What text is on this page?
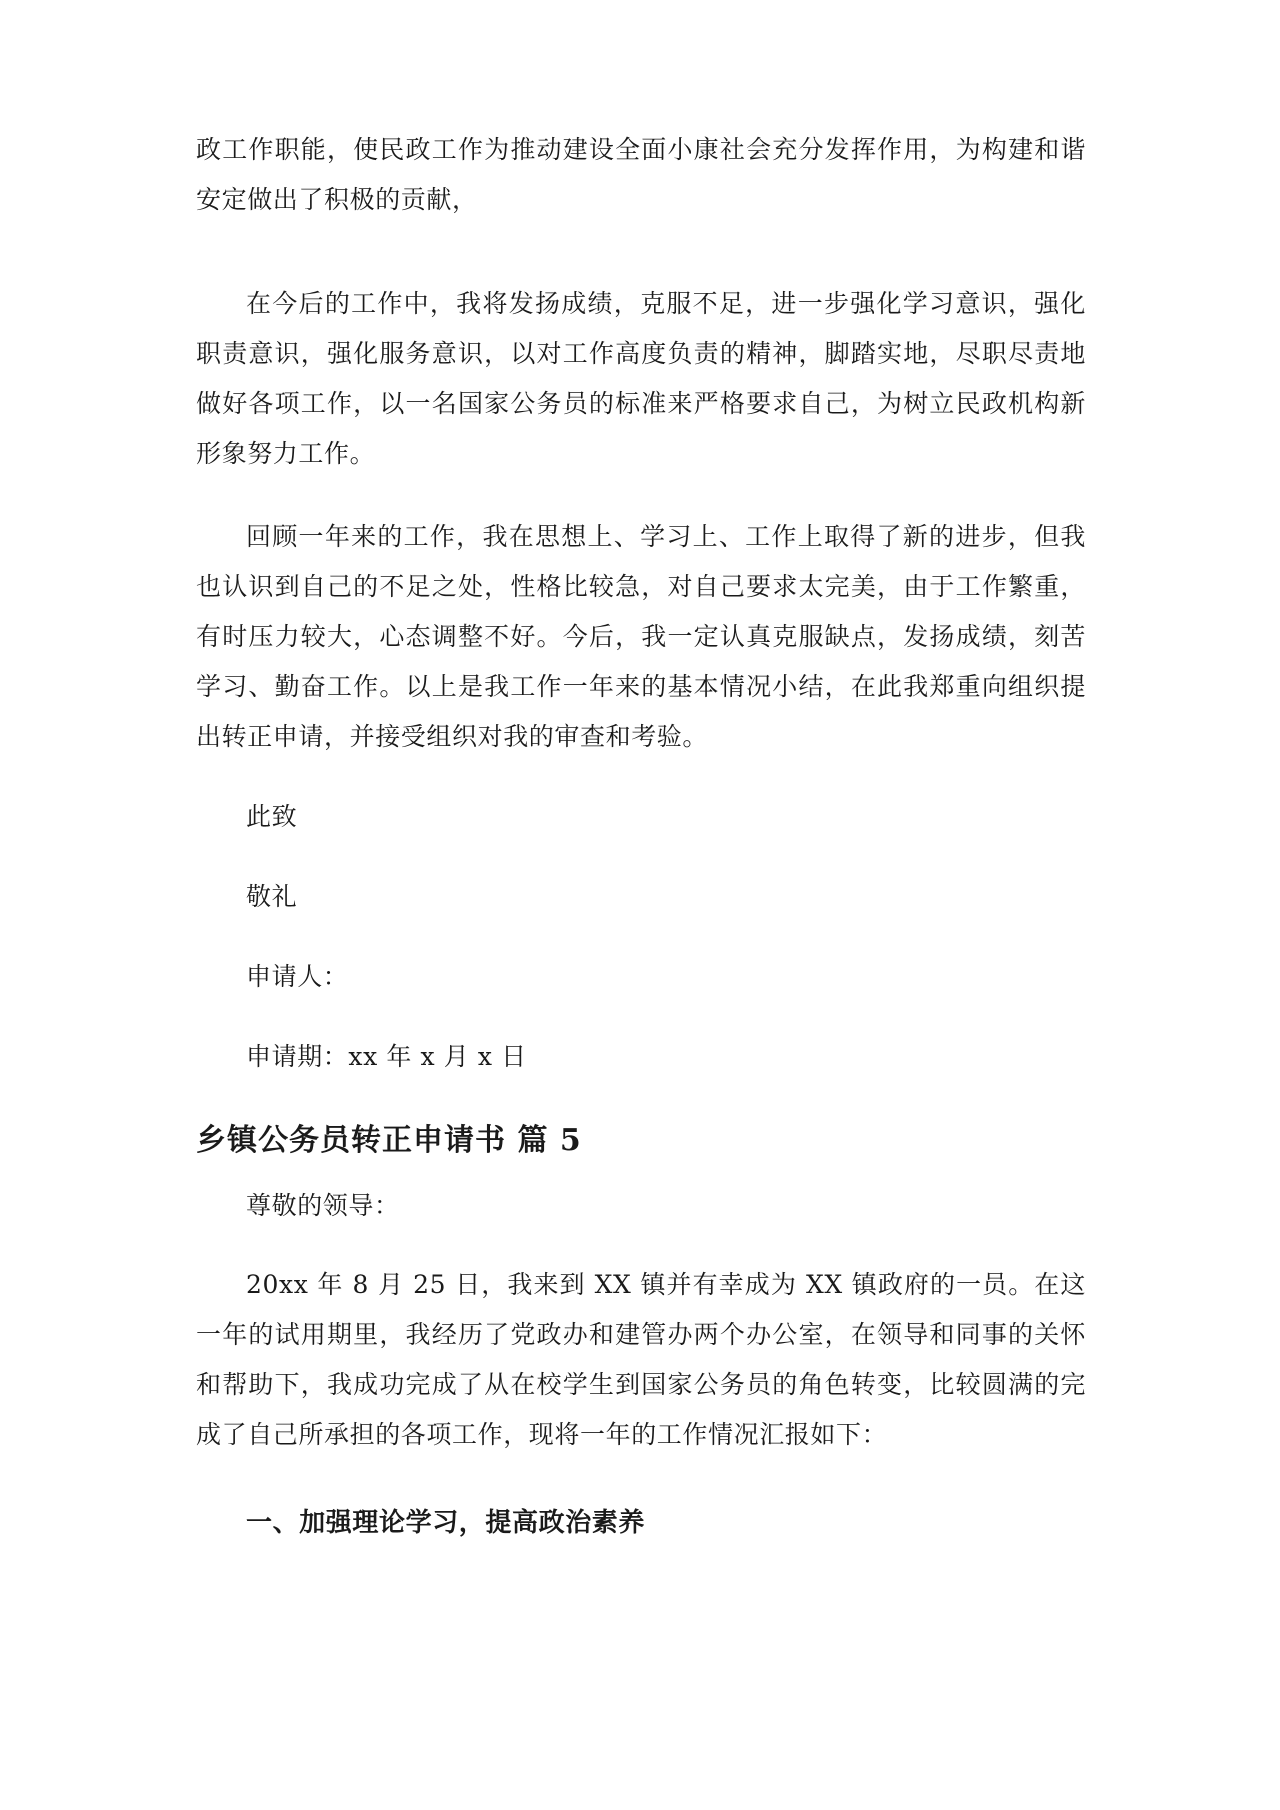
政工作职能，使民政工作为推动建设全面小康社会充分发挥作用，为构建和谐安定做出了积极的贡献，

在今后的工作中，我将发扬成绩，克服不足，进一步强化学习意识，强化职责意识，强化服务意识，以对工作高度负责的精神，脚踏实地，尽职尽责地做好各项工作，以一名国家公务员的标准来严格要求自己，为树立民政机构新形象努力工作。

回顾一年来的工作，我在思想上、学习上、工作上取得了新的进步，但我也认识到自己的不足之处，性格比较急，对自己要求太完美，由于工作繁重，有时压力较大，心态调整不好。今后，我一定认真克服缺点，发扬成绩，刻苦学习、勤奋工作。以上是我工作一年来的基本情况小结，在此我郑重向组织提出转正申请，并接受组织对我的审查和考验。

此致

敬礼

申请人：

申请期：xx 年 x 月 x 日

乡镇公务员转正申请书 篇 5

尊敬的领导：

20xx 年 8 月 25 日，我来到 XX 镇并有幸成为 XX 镇政府的一员。在这一年的试用期里，我经历了党政办和建管办两个办公室，在领导和同事的关怀和帮助下，我成功完成了从在校学生到国家公务员的角色转变，比较圆满的完成了自己所承担的各项工作，现将一年的工作情况汇报如下：

一、加强理论学习，提高政治素养
